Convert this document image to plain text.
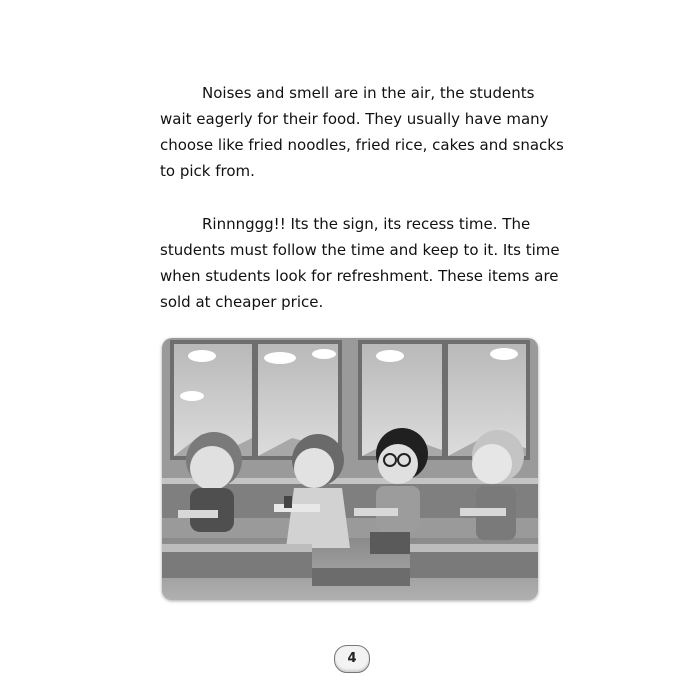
Noises and smell are in the air, the students
wait eagerly for their food. They usually have many
choose like fried noodles, fried rice, cakes and snacks
to pick from.

Rinnnggg!! Its the sign, its recess time. The
students must follow the time and keep to it. Its time
when students look for refreshment. These items are
sold at cheaper price.

4
